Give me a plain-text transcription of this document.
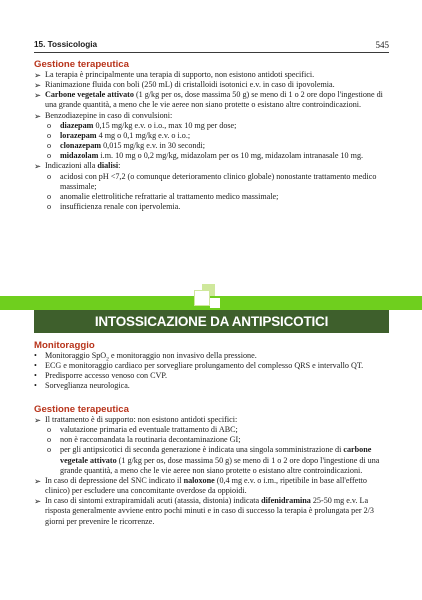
15. Tossicologia	545
Gestione terapeutica
➢ La terapia è principalmente una terapia di supporto, non esistono antidoti specifici.
➢ Rianimazione fluida con boli (250 mL) di cristalloidi isotonici e.v. in caso di ipovolemia.
➢ Carbone vegetale attivato (1 g/kg per os, dose massima 50 g) se meno di 1 o 2 ore dopo l'ingestione di una grande quantità, a meno che le vie aeree non siano protette o esistano altre controindicazioni.
➢ Benzodiazepine in caso di convulsioni:
o diazepam 0,15 mg/kg e.v. o i.o., max 10 mg per dose;
o lorazepam 4 mg o 0,1 mg/kg e.v. o i.o.;
o clonazepam 0,015 mg/kg e.v. in 30 secondi;
o midazolam i.m. 10 mg o 0,2 mg/kg, midazolam per os 10 mg, midazolam intranasale 10 mg.
➢ Indicazioni alla dialisi:
o acidosi con pH <7,2 (o comunque deterioramento clinico globale) nonostante trattamento medico massimale;
o anomalie elettrolitiche refrattarie al trattamento medico massimale;
o insufficienza renale con ipervolemia.
INTOSSICAZIONE DA ANTIPSICOTICI
Monitoraggio
• Monitoraggio SpO$_2$ e monitoraggio non invasivo della pressione.
• ECG e monitoraggio cardiaco per sorvegliare prolungamento del complesso QRS e intervallo QT.
• Predisporre accesso venoso con CVP.
• Sorveglianza neurologica.
Gestione terapeutica
➢ Il trattamento è di supporto: non esistono antidoti specifici:
o valutazione primaria ed eventuale trattamento di ABC;
o non è raccomandata la routinaria decontaminazione GI;
o per gli antipsicotici di seconda generazione è indicata una singola somministrazione di carbone vegetale attivato (1 g/kg per os, dose massima 50 g) se meno di 1 o 2 ore dopo l'ingestione di una grande quantità, a meno che le vie aeree non siano protette o esistano altre controindicazioni.
➢ In caso di depressione del SNC indicato il naloxone (0,4 mg e.v. o i.m., ripetibile in base all'effetto clinico) per escludere una concomitante overdose da oppioidi.
➢ In caso di sintomi extrapiramidali acuti (atassia, distonia) indicata difenidramina 25-50 mg e.v. La risposta generalmente avviene entro pochi minuti e in caso di successo la terapia è prolungata per 2/3 giorni per prevenire le ricorrenze.
